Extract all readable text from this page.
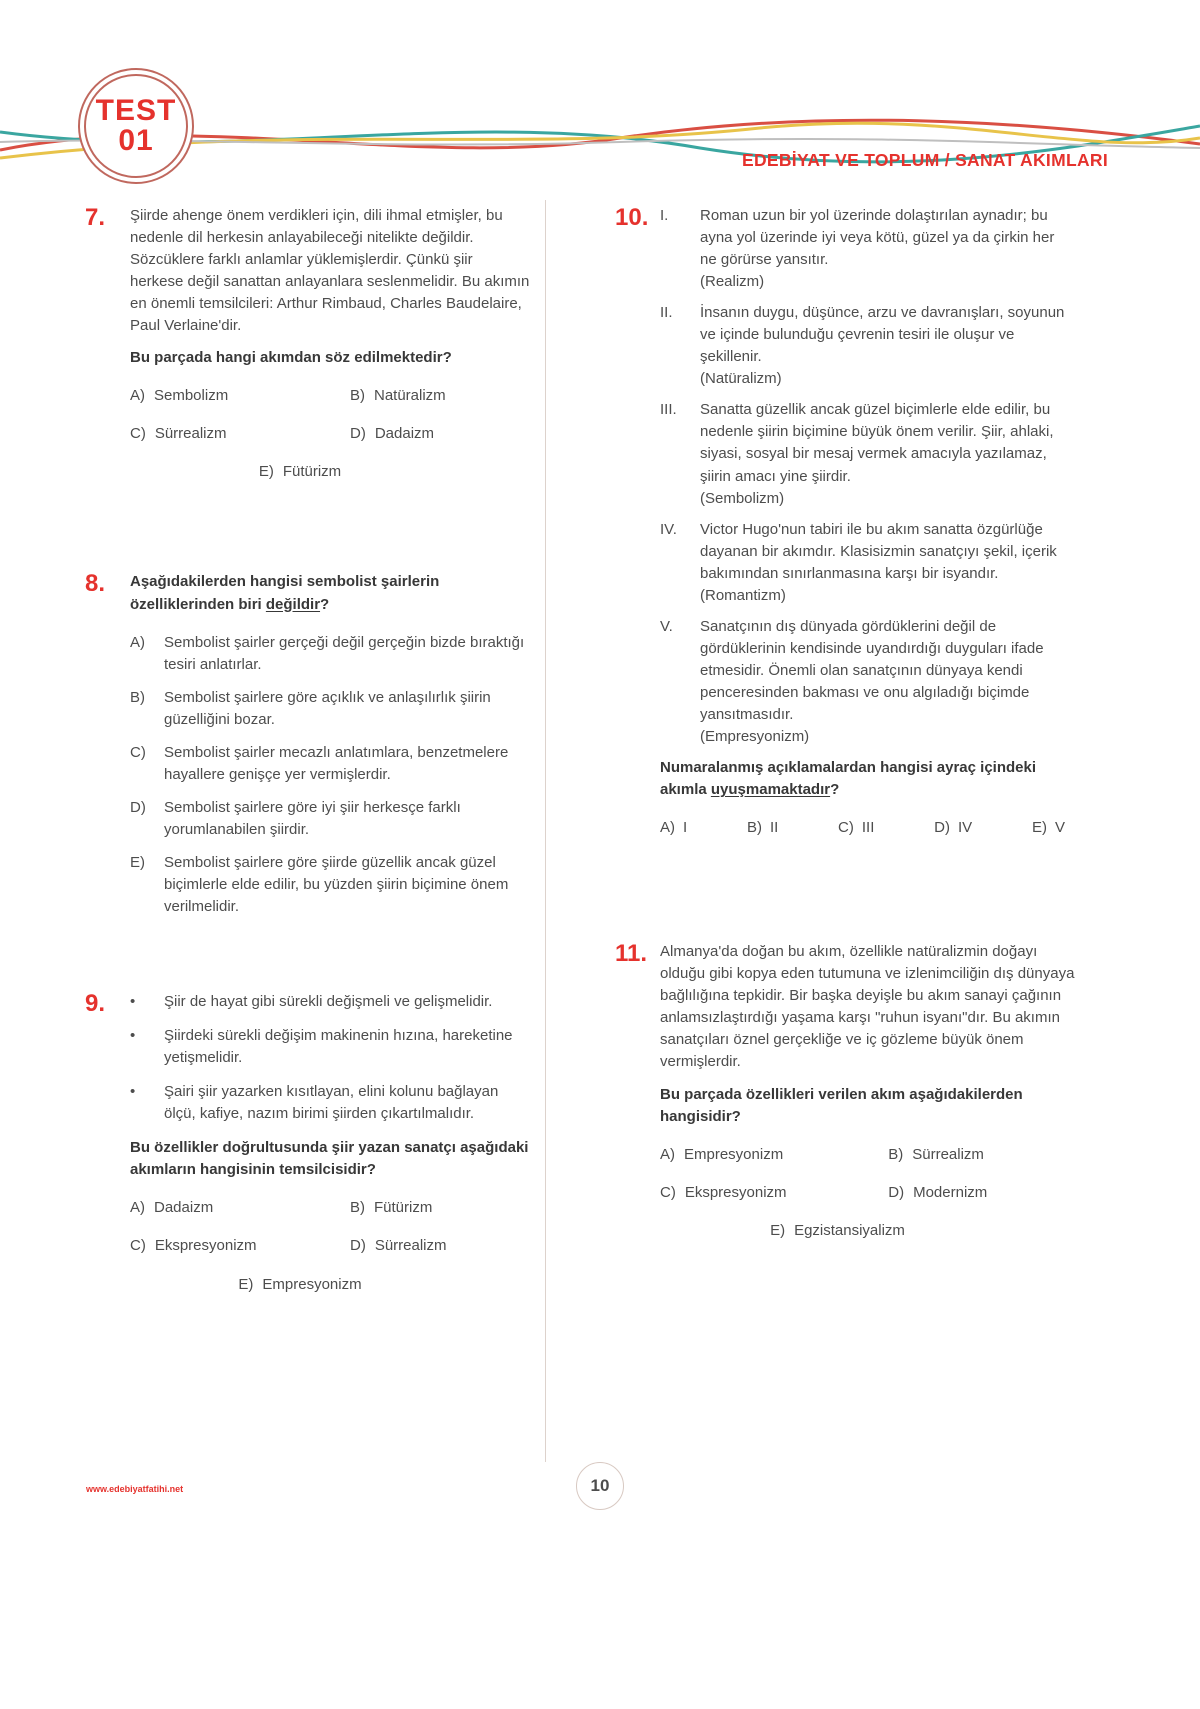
TEST
01
EDEBİYAT VE TOPLUM / SANAT AKIMLARI
7.	Şiirde ahenge önem verdikleri için, dili ihmal etmişler, bu nedenle dil herkesin anlayabileceği nitelikte değildir. Sözcüklere farklı anlamlar yüklemişlerdir. Çünkü şiir herkese değil sanattan anlayanlara seslenmelidir. Bu akımın en önemli temsilcileri: Arthur Rimbaud, Charles Baudelaire, Paul Verlaine'dir.
Bu parçada hangi akımdan söz edilmektedir?
A) Sembolizm	B) Natüralizm
C) Sürrealizm	D) Dadaizm
E) Fütürizm
8.	Aşağıdakilerden hangisi sembolist şairlerin özelliklerinden biri değildir?
A)	Sembolist şairler gerçeği değil gerçeğin bizde bıraktığı tesiri anlatırlar.
B)	Sembolist şairlere göre açıklık ve anlaşılırlık şiirin güzelliğini bozar.
C)	Sembolist şairler mecazlı anlatımlara, benzetmelere hayallere genişçe yer vermişlerdir.
D)	Sembolist şairlere göre iyi şiir herkesçe farklı yorumlanabilen şiirdir.
E)	Sembolist şairlere göre şiirde güzellik ancak güzel biçimlerle elde edilir, bu yüzden şiirin biçimine önem verilmelidir.
9.	•	Şiir de hayat gibi sürekli değişmeli ve gelişmelidir.
•	Şiirdeki sürekli değişim makinenin hızına, hareketine yetişmelidir.
•	Şairi şiir yazarken kısıtlayan, elini kolunu bağlayan ölçü, kafiye, nazım birimi şiirden çıkartılmalıdır.
Bu özellikler doğrultusunda şiir yazan sanatçı aşağıdaki akımların hangisinin temsilcisidir?
A) Dadaizm	B) Fütürizm
C) Ekspresyonizm	D) Sürrealizm
E) Empresyonizm
10. I.	Roman uzun bir yol üzerinde dolaştırılan aynadır; bu ayna yol üzerinde iyi veya kötü, güzel ya da çirkin her ne görürse yansıtır.
(Realizm)
II.	İnsanın duygu, düşünce, arzu ve davranışları, soyunun ve içinde bulunduğu çevrenin tesiri ile oluşur ve şekillenir.
(Natüralizm)
III.	Sanatta güzellik ancak güzel biçimlerle elde edilir, bu nedenle şiirin biçimine büyük önem verilir. Şiir, ahlaki, siyasi, sosyal bir mesaj vermek amacıyla yazılamaz, şiirin amacı yine şiirdir.
(Sembolizm)
IV.	Victor Hugo'nun tabiri ile bu akım sanatta özgürlüğe dayanan bir akımdır. Klasisizmin sanatçıyı şekil, içerik bakımından sınırlanmasına karşı bir isyandır.
(Romantizm)
V.	Sanatçının dış dünyada gördüklerini değil de gördüklerinin kendisinde uyandırdığı duyguları ifade etmesidir. Önemli olan sanatçının dünyaya kendi penceresinden bakması ve onu algıladığı biçimde yansıtmasıdır.
(Empresyonizm)
Numaralanmış açıklamalardan hangisi ayraç içindeki akımla uyuşmamaktadır?
A) I	B) II	C) III	D) IV	E) V
11. Almanya'da doğan bu akım, özellikle natüralizmin doğayı olduğu gibi kopya eden tutumuna ve izlenimciliğin dış dünyaya bağlılığına tepkidir. Bir başka deyişle bu akım sanayi çağının anlamsızlaştırdığı yaşama karşı "ruhun isyanı"dır. Bu akımın sanatçıları öznel gerçekliğe ve iç gözleme büyük önem vermişlerdir.
Bu parçada özellikleri verilen akım aşağıdakilerden hangisidir?
A) Empresyonizm	B) Sürrealizm
C) Ekspresyonizm	D) Modernizm
E) Egzistansiyalizm
10
www.edebiyatfatihi.net
